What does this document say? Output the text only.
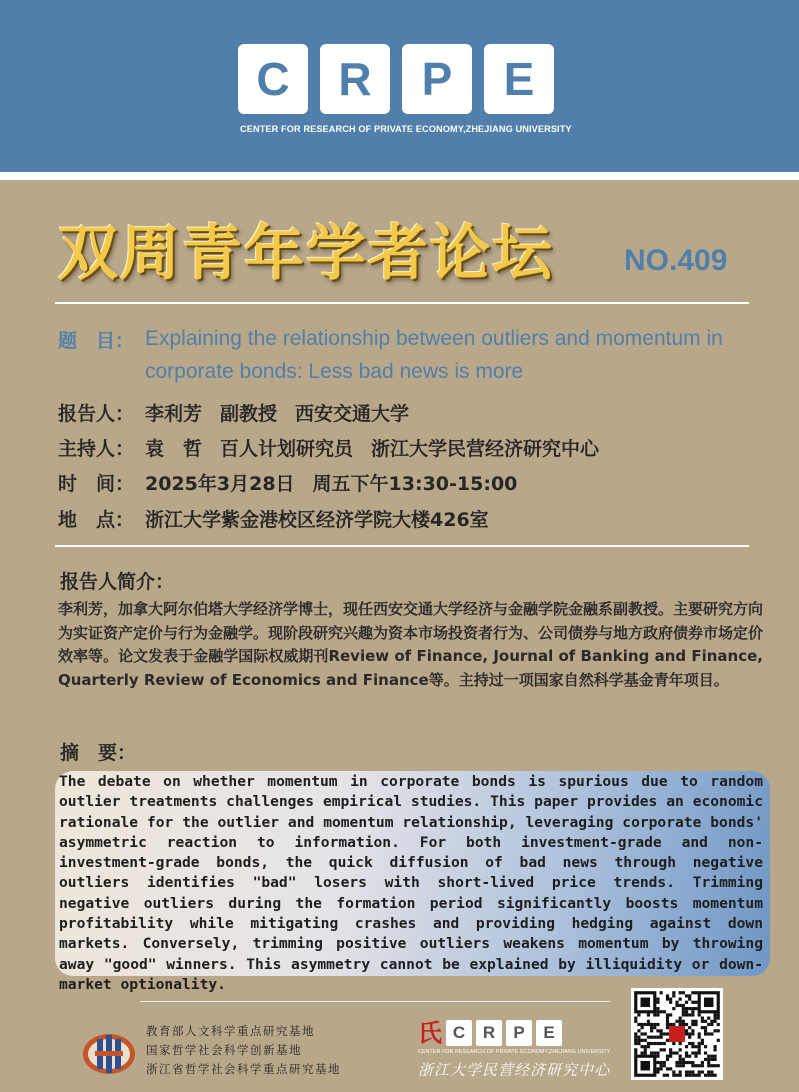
C	R	P	E
CENTER FOR RESEARCH OF PRIVATE ECONOMY,ZHEJIANG UNIVERSITY
双周青年学者论坛 NO.409
题　目： Explaining the relationship between outliers and momentum in corporate bonds: Less bad news is more
报告人： 李利芳 副教授 西安交通大学
主持人： 袁　哲 百人计划研究员 浙江大学民营经济研究中心
时　间： 2025年3月28日 周五下午13:30-15:00
地　点： 浙江大学紫金港校区经济学院大楼426室
报告人简介：
李利芳，加拿大阿尔伯塔大学经济学博士，现任西安交通大学经济与金融学院金融系副教授。主要研究方向为实证资产定价与行为金融学。现阶段研究兴趣为资本市场投资者行为、公司债券与地方政府债券市场定价效率等。论文发表于金融学国际权威期刊Review of Finance, Journal of Banking and Finance, Quarterly Review of Economics and Finance等。主持过一项国家自然科学基金青年项目。
摘　要：
The debate on whether momentum in corporate bonds is spurious due to random outlier treatments challenges empirical studies. This paper provides an economic rationale for the outlier and momentum relationship, leveraging corporate bonds' asymmetric reaction to information. For both investment-grade and non-investment-grade bonds, the quick diffusion of bad news through negative outliers identifies "bad" losers with short-lived price trends. Trimming negative outliers during the formation period significantly boosts momentum profitability while mitigating crashes and providing hedging against down markets. Conversely, trimming positive outliers weakens momentum by throwing away "good" winners. This asymmetry cannot be explained by illiquidity or down-market optionality.
教育部人文科学重点研究基地
国家哲学社会科学创新基地
浙江省哲学社会科学重点研究基地
氏 C	R	P	E
CENTER FOR RESEARCH OF PRIVATE ECONOMY,ZHEJIANG UNIVERSITY
浙江大学民营经济研究中心
